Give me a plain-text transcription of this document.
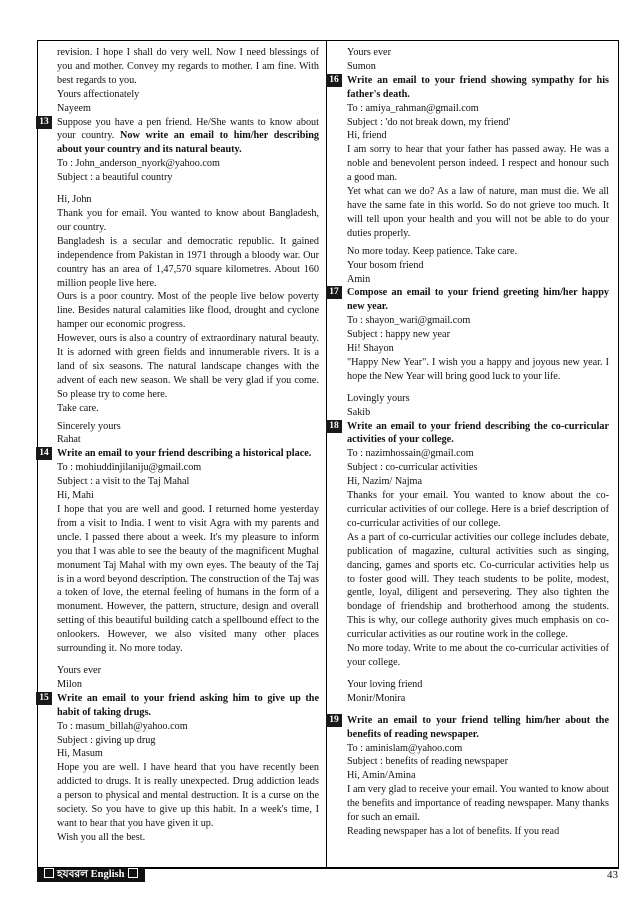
revision. I hope I shall do very well. Now I need blessings of you and mother. Convey my regards to mother. I am fine. With best regards to you.

Yours affectionately

Nayeem

13 Suppose you have a pen friend. He/She wants to know about your country. Now write an email to him/her describing about your country and its natural beauty.

To : John_anderson_nyork@yahoo.com

Subject : a beautiful country

Hi, John

Thank you for email. You wanted to know about Bangladesh, our country.

Bangladesh is a secular and democratic republic. It gained independence from Pakistan in 1971 through a bloody war. Our country has an area of 1,47,570 square kilometres. About 160 million people live here.

Ours is a poor country. Most of the people live below poverty line. Besides natural calamities like flood, drought and cyclone hamper our economic progress.

However, ours is also a country of extraordinary natural beauty. It is adorned with green fields and innumerable rivers. It is a land of six seasons. The natural landscape changes with the advent of each new season. We shall be very glad if you come. So please try to come here.

Take care.

Sincerely yours

Rahat

14 Write an email to your friend describing a historical place.

To : mohiuddinjilaniju@gmail.com

Subject : a visit to the Taj Mahal

Hi, Mahi

I hope that you are well and good. I returned home yesterday from a visit to India. I went to visit Agra with my parents and uncle. I passed there about a week. It's my pleasure to inform you that I was able to see the beauty of the magnificent Mughal monument Taj Mahal with my own eyes. The beauty of the Taj is in a word beyond description. The construction of the Taj was a token of love, the eternal feeling of humans in the form of a monument. However, the pattern, structure, design and overall setting of this beautiful building catch a spellbound effect to the onlookers. However, we also visited many other places surrounding it. No more today.

Yours ever

Milon

15 Write an email to your friend asking him to give up the habit of taking drugs.

To : masum_billah@yahoo.com

Subject : giving up drug

Hi, Masum

Hope you are well. I have heard that you have recently been addicted to drugs. It is really unexpected. Drug addiction leads a person to physical and mental destruction. It is a curse on the society. So you have to give up this habit. In a week's time, I want to hear that you have given it up.

Wish you all the best.

Yours ever

Sumon

16 Write an email to your friend showing sympathy for his father's death.

To : amiya_rahman@gmail.com

Subject : 'do not break down, my friend'

Hi, friend

I am sorry to hear that your father has passed away. He was a noble and benevolent person indeed. I respect and honour such a good man.

Yet what can we do? As a law of nature, man must die. We all have the same fate in this world. So do not grieve too much. It will tell upon your health and you will not be able to do your duties properly.

No more today. Keep patience. Take care.

Your bosom friend

Amin

17 Compose an email to your friend greeting him/her happy new year.

To : shayon_wari@gmail.com

Subject : happy new year

Hi! Shayon

"Happy New Year". I wish you a happy and joyous new year. I hope the New Year will bring good luck to your life.

Lovingly yours

Sakib

18 Write an email to your friend describing the co-curricular activities of your college.

To : nazimhossain@gmail.com

Subject : co-curricular activities

Hi, Nazim/ Najma

Thanks for your email. You wanted to know about the co-curricular activities of our college. Here is a brief description of co-curricular activities of our college.

As a part of co-curricular activities our college includes debate, publication of magazine, cultural activities such as singing, dancing, games and sports etc. Co-curricular activities help us to foster good will. They teach students to be polite, modest, gentle, loyal, diligent and persevering. They also tighten the bondage of friendship and brotherhood among the students. This is why, our college authority gives much emphasis on co-curricular activities as our routine work in the college.

No more today. Write to me about the co-curricular activities of your college.

Your loving friend

Monir/Monira

19 Write an email to your friend telling him/her about the benefits of reading newspaper.

To : aminislam@yahoo.com

Subject : benefits of reading newspaper

Hi, Amin/Amina

I am very glad to receive your email. You wanted to know about the benefits and importance of reading newspaper. Many thanks for such an email.

Reading newspaper has a lot of benefits. If you read

হযবরল English	43
